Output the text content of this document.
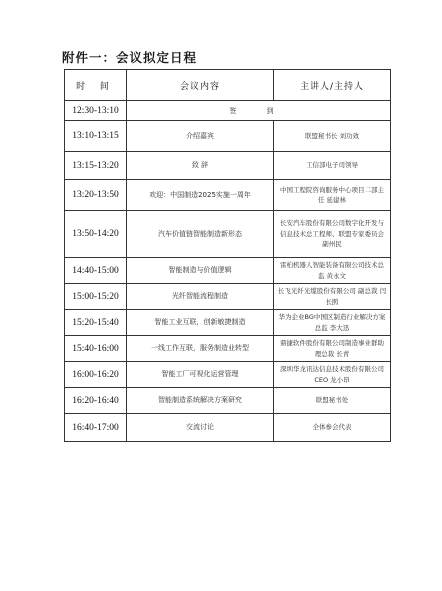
附件一：会议拟定日程
时 间	会议内容	主讲人/主持人
12:30-13:10	签 到	
13:10-13:15	介绍嘉宾	联盟秘书长 刘功效
13:15-13:20	致 辞	工信部电子司领导
13:20-13:50	欢迎：中国制造2025实施一周年	中国工程院咨询服务中心项目二部主任 延建林
13:50-14:20	汽车价值链智能制造新形态	长安汽车股份有限公司数字化开发与信息技术总工程师、联盟专家委员会副州民
14:40-15:00	智能制造与价值逻辑	雷柏机器人智能装备有限公司技术总监 黄永文
15:00-15:20	光纤智能流程制造	长飞光纤光缆股份有限公司 副总裁 闫长鹍
15:20-15:40	智能工业互联，创新敏捷制造	华为企业BG中国区制造行业解决方案总监 李大迅
15:40-16:00	一线工作互联，服务制造业转型	鼎捷软件股份有限公司制造事业群助理总裁 长青
16:00-16:20	智能工厂可视化运营管理	深圳华龙讯达信息技术股份有限公司CEO 龙小昂
16:20-16:40	智能制造系统解决方案研究	联盟秘书处
16:40-17:00	交流讨论	全体参会代表
